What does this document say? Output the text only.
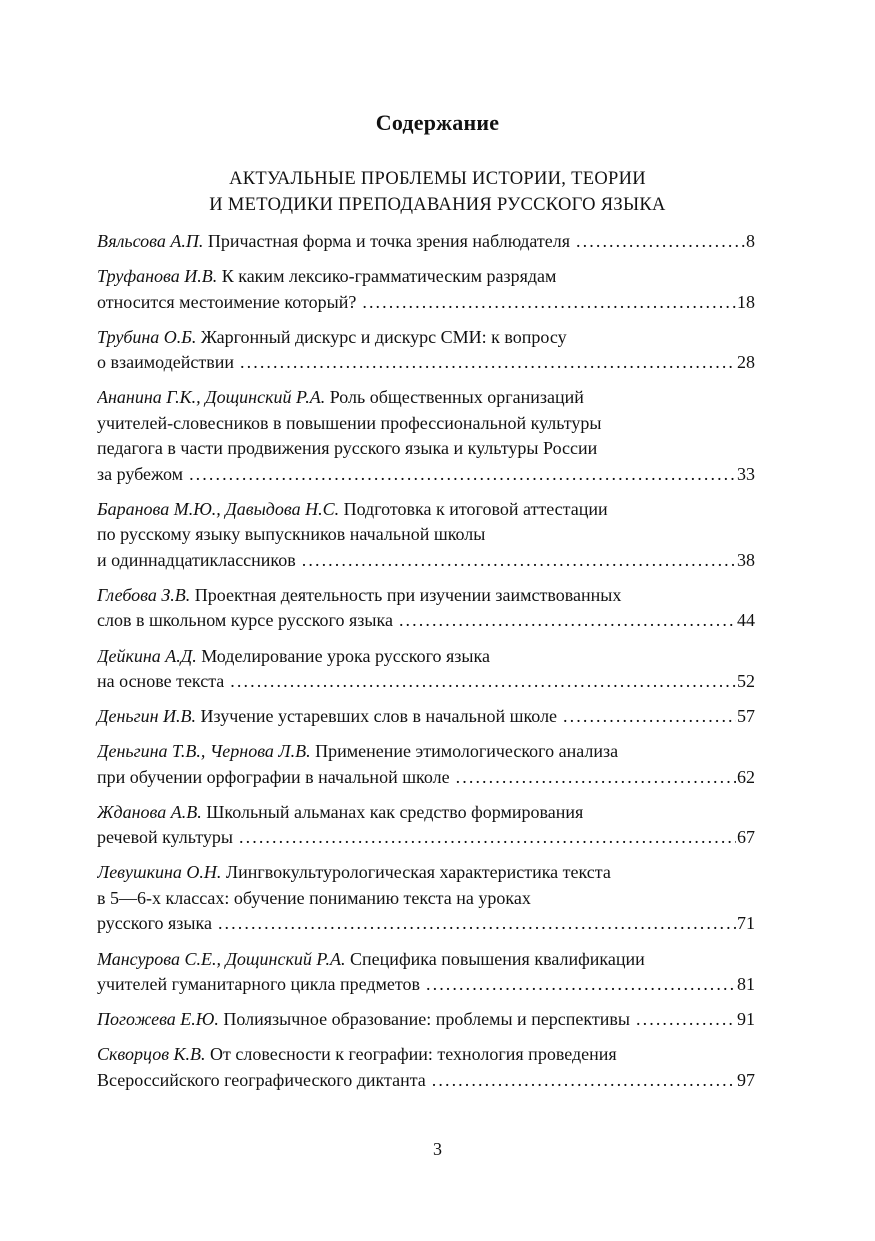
Содержание
АКТУАЛЬНЫЕ ПРОБЛЕМЫ ИСТОРИИ, ТЕОРИИ
И МЕТОДИКИ ПРЕПОДАВАНИЯ РУССКОГО ЯЗЫКА
Вяльсова А.П. Причастная форма и точка зрения наблюдателя . . .	8
Труфанова И.В. К каким лексико-грамматическим разрядам
относится местоимение который? . . .	18
Трубина О.Б. Жаргонный дискурс и дискурс СМИ: к вопросу
о взаимодействии . . .	28
Ананина Г.К., Дощинский Р.А. Роль общественных организаций
учителей-словесников в повышении профессиональной культуры
педагога в части продвижения русского языка и культуры России
за рубежом . . .	33
Баранова М.Ю., Давыдова Н.С. Подготовка к итоговой аттестации
по русскому языку выпускников начальной школы
и одиннадцатиклассников . . .	38
Глебова З.В. Проектная деятельность при изучении заимствованных
слов в школьном курсе русского языка . . .	44
Дейкина А.Д. Моделирование урока русского языка
на основе текста . . .	52
Деньгин И.В. Изучение устаревших слов в начальной школе . . .	57
Деньгина Т.В., Чернова Л.В. Применение этимологического анализа
при обучении орфографии в начальной школе . . .	62
Жданова А.В. Школьный альманах как средство формирования
речевой культуры . . .	67
Левушкина О.Н. Лингвокультурологическая характеристика текста
в 5—6-х классах: обучение пониманию текста на уроках
русского языка . . .	71
Мансурова С.Е., Дощинский Р.А. Специфика повышения квалификации
учителей гуманитарного цикла предметов . . .	81
Погожева Е.Ю. Полиязычное образование: проблемы и перспективы . . .	91
Скворцов К.В. От словесности к географии: технология проведения
Всероссийского географического диктанта . . .	97
3
